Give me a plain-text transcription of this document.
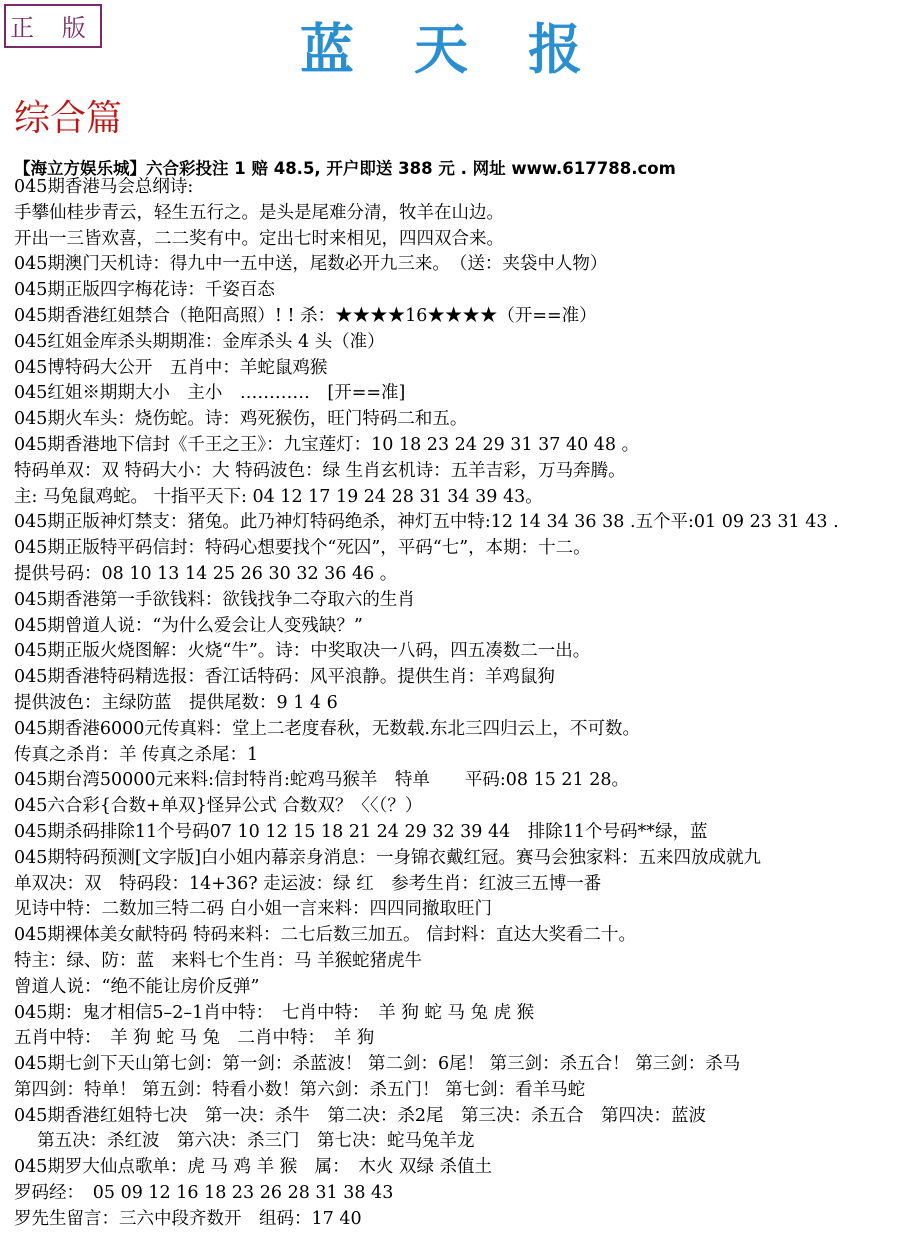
正 版	蓝天报
综合篇
【海立方娱乐城】六合彩投注 1 赔 48.5, 开户即送 388 元 . 网址 www.617788.com
045期香港马会总纲诗:
手攀仙桂步青云，轻生五行之。是头是尾难分清，牧羊在山边。
开出一三皆欢喜，二二奖有中。定出七时来相见，四四双合来。
045期澳门天机诗：得九中一五中送，尾数必开九三来。　（送：夹袋中人物）
045期正版四字梅花诗：千姿百态
045期香港红姐禁合（艳阳高照）! ! 杀：★★★★16★★★★（开==准）
045红姐金库杀头期期准：金库杀头 4 头（准）
045博特码大公开　五肖中：羊蛇鼠鸡猴
045红姐※期期大小　主小　…………　[开==准]
045期火车头：烧伤蛇。诗：鸡死猴伤，旺门特码二和五。
045期香港地下信封《千王之王》：九宝莲灯：10 18 23 24 29 31 37 40 48 。
特码单双：双 特码大小：大 特码波色：绿 生肖玄机诗：五羊吉彩，万马奔腾。
主: 马兔鼠鸡蛇。 十指平天下: 04 12 17 19 24 28 31 34 39 43。
045期正版神灯禁支：猪兔。此乃神灯特码绝杀，神灯五中特:12 14 34 36 38 .五个平:01 09 23 31 43 .
045期正版特平码信封：特码心想要找个“死囚”，平码“七”，本期：十二。
提供号码：08 10 13 14 25 26 30 32 36 46 。
045期香港第一手欲钱料：欲钱找争二夺取六的生肖
045期曾道人说：“为什么爱会让人变残缺？”
045期正版火烧图解：火烧“牛”。诗：中奖取决一八码，四五凑数二一出。
045期香港特码精选报：香江话特码：风平浪静。提供生肖：羊鸡鼠狗
提供波色：主绿防蓝　提供尾数：9 1 4 6
045期香港6000元传真料：堂上二老度春秋，无数载.东北三四归云上，不可数。
传真之杀肖：羊 传真之杀尾：1
045期台湾50000元来料:信封特肖:蛇鸡马猴羊　特单　　平码:08 15 21 28。
045六合彩{合数+单双}怪异公式 合数双？〈〈（？）
045期杀码排除11个号码07 10 12 15 18 21 24 29 32 39 44　排除11个号码**绿，蓝
045期特码预测[文字版]白小姐内幕亲身消息：一身锦衣戴红冠。赛马会独家料：五来四放成就九
单双决：双　特码段：14+36? 走运波：绿 红　参考生肖：红波三五博一番
见诗中特：二数加三特二码 白小姐一言来料：四四同撤取旺门
045期裸体美女献特码 特码来料：二七后数三加五。 信封料：直达大奖看二十。
特主：绿、防：蓝　来料七个生肖：马 羊猴蛇猪虎牛
曾道人说：“绝不能让房价反弹”
045期：鬼才相信5–2–1肖中特：　七肖中特：　羊 狗 蛇 马 兔 虎 猴
五肖中特：　羊 狗 蛇 马 兔　二肖中特：　羊 狗
045期七剑下天山第七剑：第一剑：杀蓝波！ 第二剑：6尾！ 第三剑：杀五合！ 第三剑：杀马
第四剑：特单！ 第五剑：特看小数！第六剑：杀五门！ 第七剑：看羊马蛇
045期香港红姐特七决　第一决：杀牛　第二决：杀2尾　第三决：杀五合　第四决：蓝波
　 第五决：杀红波　第六决：杀三门　第七决：蛇马兔羊龙
045期罗大仙点歌单：虎 马 鸡 羊 猴　属：　木火 双绿 杀值土
罗码经：　05 09 12 16 18 23 26 28 31 38 43
罗先生留言：三六中段齐数开　组码：17 40
